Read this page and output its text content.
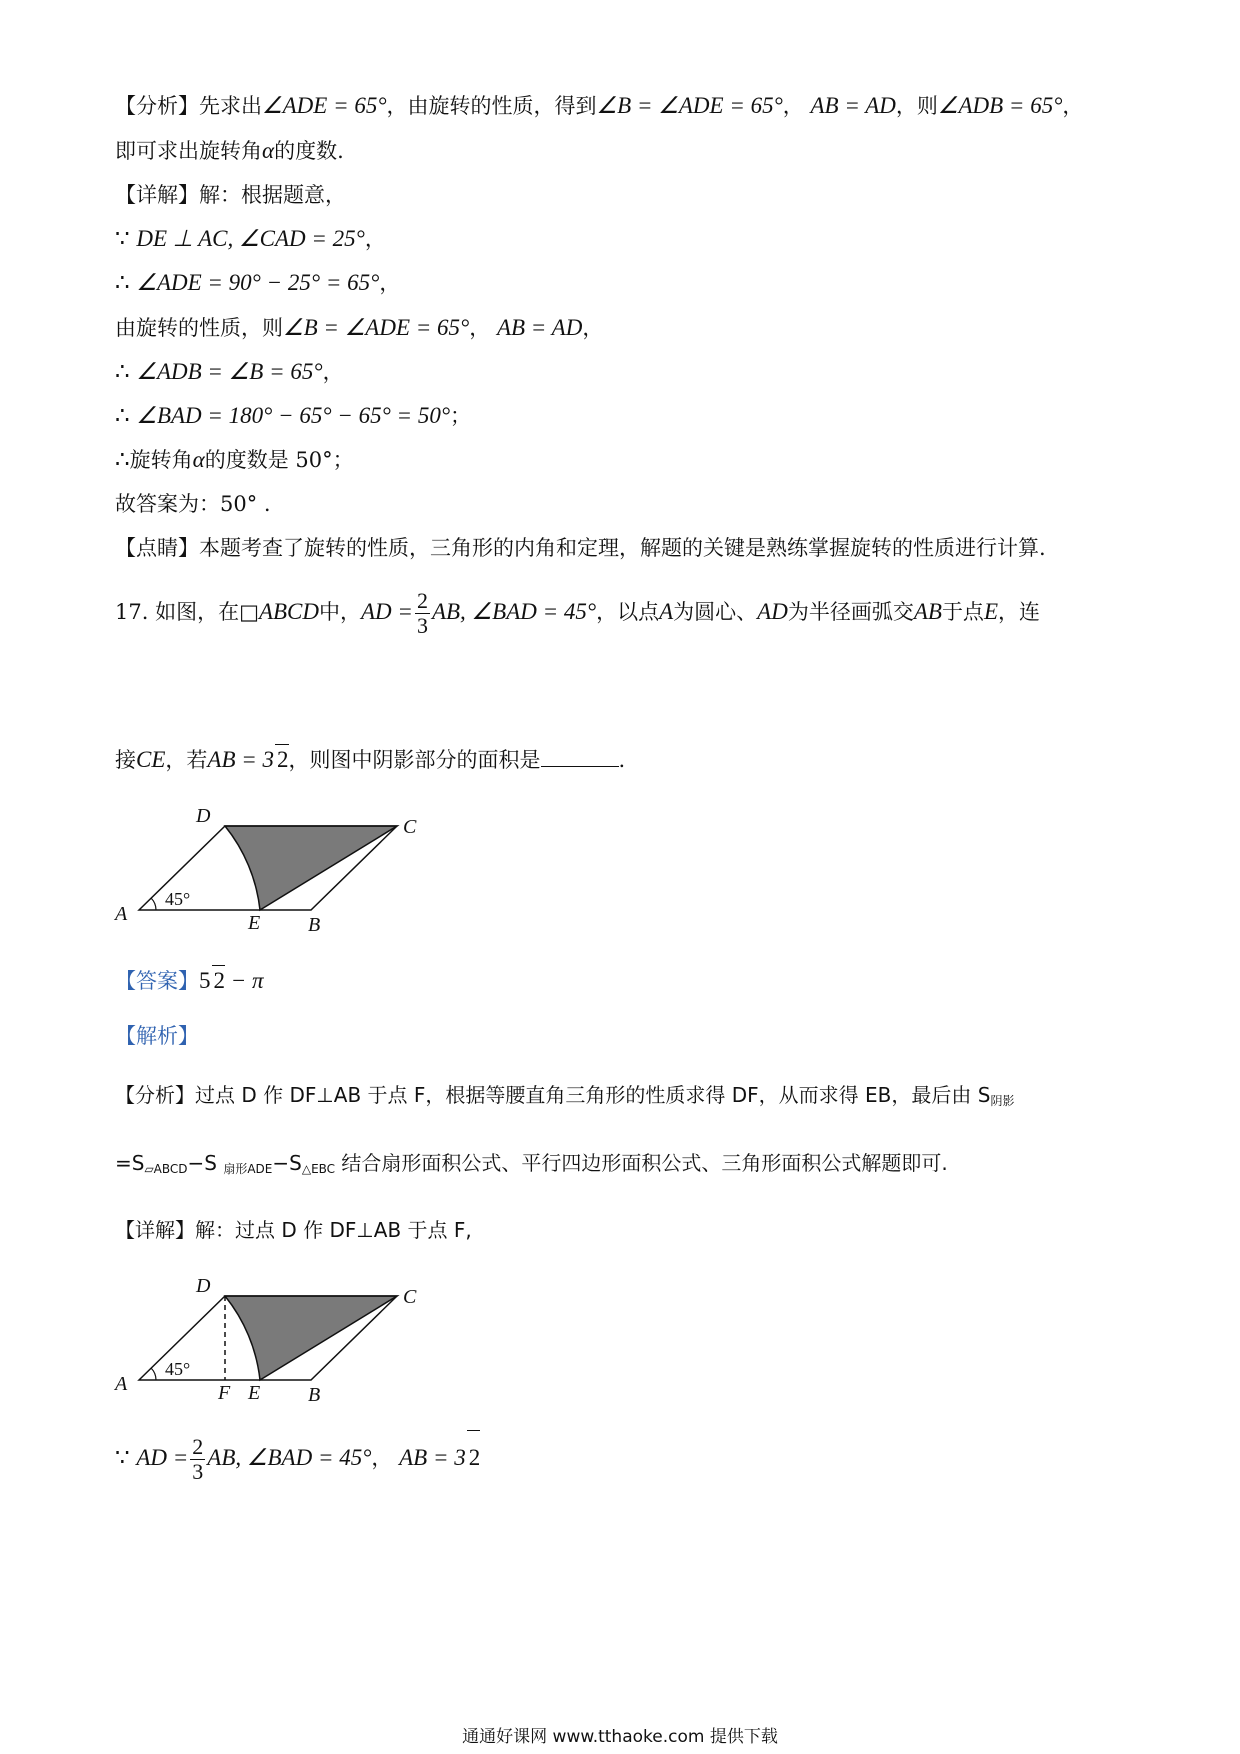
【分析】先求出∠ADE = 65°，由旋转的性质，得到∠B = ∠ADE = 65°， AB = AD，则∠ADB = 65°，
即可求出旋转角α的度数.
【详解】解：根据题意，
∵ DE ⊥ AC, ∠CAD = 25°，
∴ ∠ADE = 90° − 25° = 65°，
由旋转的性质，则∠B = ∠ADE = 65°， AB = AD，
∴ ∠ADB = ∠B = 65°，
∴ ∠BAD = 180° − 65° − 65° = 50°；
∴旋转角α的度数是 50°；
故答案为：50° .
【点睛】本题考查了旋转的性质，三角形的内角和定理，解题的关键是熟练掌握旋转的性质进行计算.
17. 如图，在□ABCD中，AD = $\frac{2}{3}$ AB, ∠BAD = 45°，以点A为圆心、AD为半径画弧交AB于点E，连
接CE，若AB = 3 2，则图中阴影部分的面积是	.
A	B
C
D
E
45°
【答案】5 2 − π
【解析】
【分析】过点 D 作 DF⊥AB 于点 F，根据等腰直角三角形的性质求得 DF，从而求得 EB，最后由 $S_{阴影}$
$=S_{▱ABCD}-S$ $_{扇形ADE}-S_{\triangle EBC}$ 结合扇形面积公式、平行四边形面积公式、三角形面积公式解题即可.
【详解】解：过点 D 作 DF⊥AB 于点 F,
A	B
C
D
E
F
45°
∵ AD = $\frac{2}{3}$ AB, ∠BAD = 45°， AB = 3 2
通通好课网 www.tthaoke.com 提供下载
